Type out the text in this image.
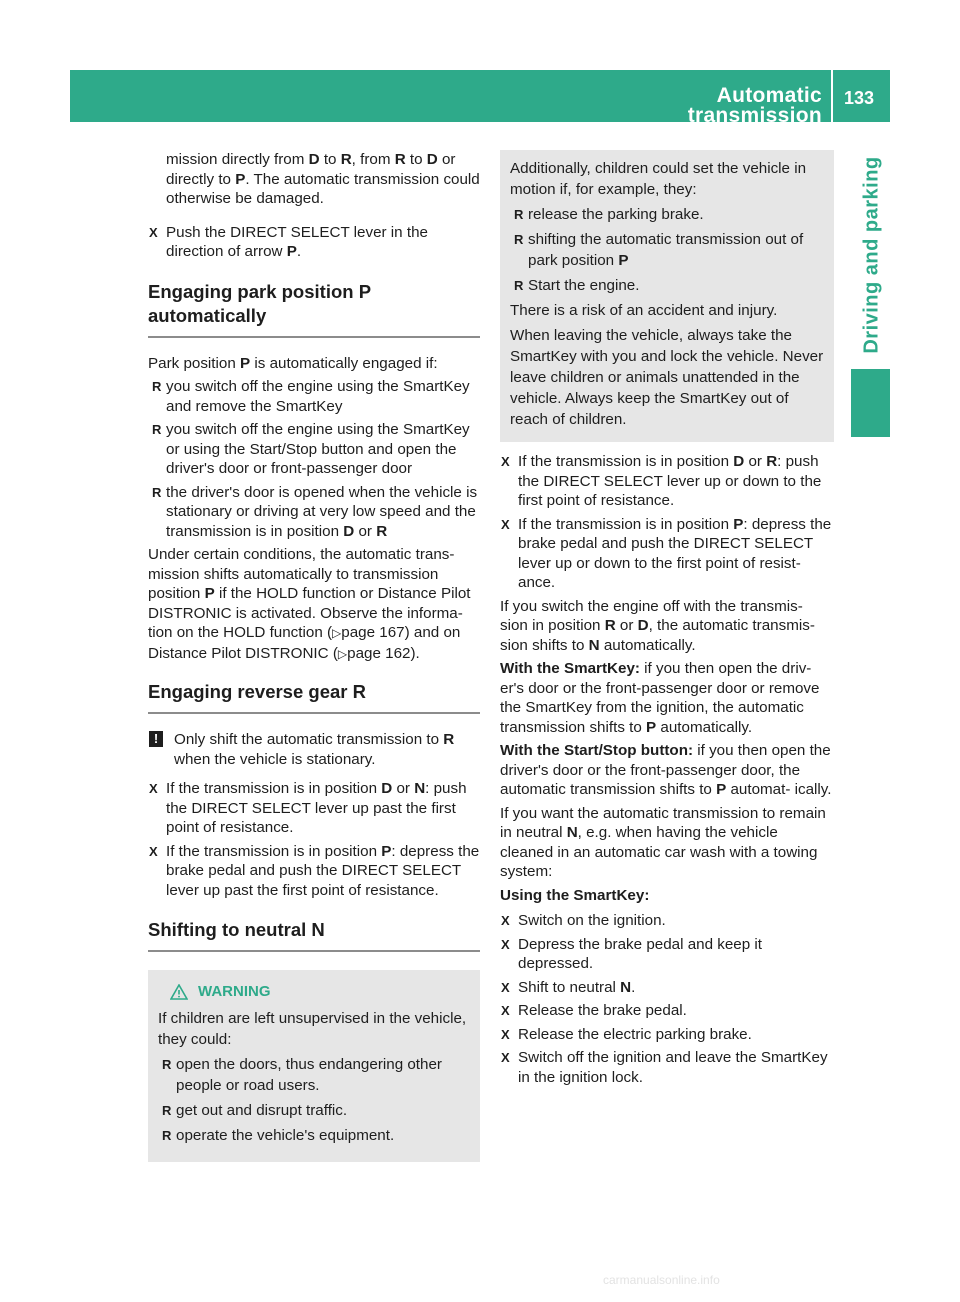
Automatic transmission
133
Driving and parking

mission directly from D to R, from R to D or directly to P. The automatic transmission could otherwise be damaged.

X Push the DIRECT SELECT lever in the direction of arrow P.
Engaging park position P automatically

Park position P is automatically engaged if:

R you switch off the engine using the SmartKey and remove the SmartKey
R you switch off the engine using the SmartKey or using the Start/Stop button and open the driver's door or front-passenger door
R the driver's door is opened when the vehicle is stationary or driving at very low speed and the transmission is in position D or R

Under certain conditions, the automatic trans- mission shifts automatically to transmission position P if the HOLD function or Distance Pilot DISTRONIC is activated. Observe the informa- tion on the HOLD function (▷page 167) and on Distance Pilot DISTRONIC (▷page 162).

Engaging reverse gear R
!	Only shift the automatic transmission to R when the vehicle is stationary.
X If the transmission is in position D or N: push the DIRECT SELECT lever up past the first point of resistance.
X If the transmission is in position P: depress the brake pedal and push the DIRECT SELECT lever up past the first point of resistance.
Shifting to neutral N
WARNING

If children are left unsupervised in the vehicle, they could:

R open the doors, thus endangering other people or road users.
R get out and disrupt traffic.
R operate the vehicle's equipment.

Additionally, children could set the vehicle in motion if, for example, they:

R release the parking brake.
R shifting the automatic transmission out of park position P
R Start the engine.

There is a risk of an accident and injury.

When leaving the vehicle, always take the SmartKey with you and lock the vehicle. Never leave children or animals unattended in the vehicle. Always keep the SmartKey out of reach of children.

X If the transmission is in position D or R: push the DIRECT SELECT lever up or down to the first point of resistance.
X If the transmission is in position P: depress the brake pedal and push the DIRECT SELECT lever up or down to the first point of resist- ance.

If you switch the engine off with the transmis- sion in position R or D, the automatic transmis- sion shifts to N automatically.

With the SmartKey: if you then open the driv- er's door or the front-passenger door or remove the SmartKey from the ignition, the automatic transmission shifts to P automatically.

With the Start/Stop button: if you then open the driver's door or the front-passenger door, the automatic transmission shifts to P automat- ically.

If you want the automatic transmission to remain in neutral N, e.g. when having the vehicle cleaned in an automatic car wash with a towing system:

Using the SmartKey:

X Switch on the ignition.
X Depress the brake pedal and keep it depressed.
X Shift to neutral N.
X Release the brake pedal.
X Release the electric parking brake.
X Switch off the ignition and leave the SmartKey in the ignition lock.
carmanualsonline.info
